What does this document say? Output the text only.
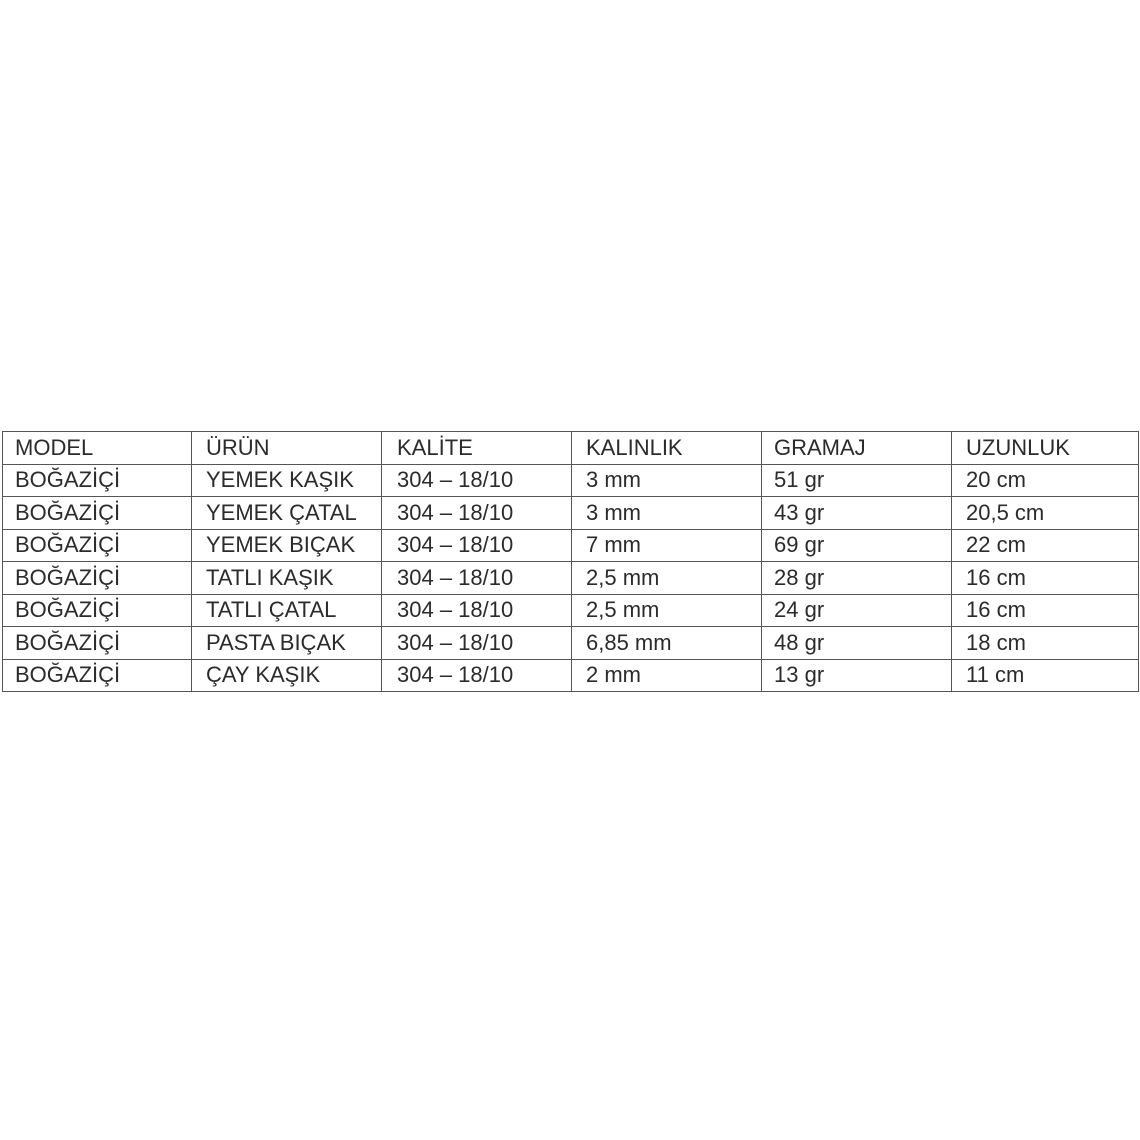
MODEL	ÜRÜN	KALİTE	KALINLIK	GRAMAJ	UZUNLUK
BOĞAZİÇİ	YEMEK KAŞIK	304 – 18/10	3 mm	51 gr	20 cm
BOĞAZİÇİ	YEMEK ÇATAL	304 – 18/10	3 mm	43 gr	20,5 cm
BOĞAZİÇİ	YEMEK BIÇAK	304 – 18/10	7 mm	69 gr	22 cm
BOĞAZİÇİ	TATLI KAŞIK	304 – 18/10	2,5 mm	28 gr	16 cm
BOĞAZİÇİ	TATLI ÇATAL	304 – 18/10	2,5 mm	24 gr	16 cm
BOĞAZİÇİ	PASTA BIÇAK	304 – 18/10	6,85 mm	48 gr	18 cm
BOĞAZİÇİ	ÇAY KAŞIK	304 – 18/10	2 mm	13 gr	11 cm
